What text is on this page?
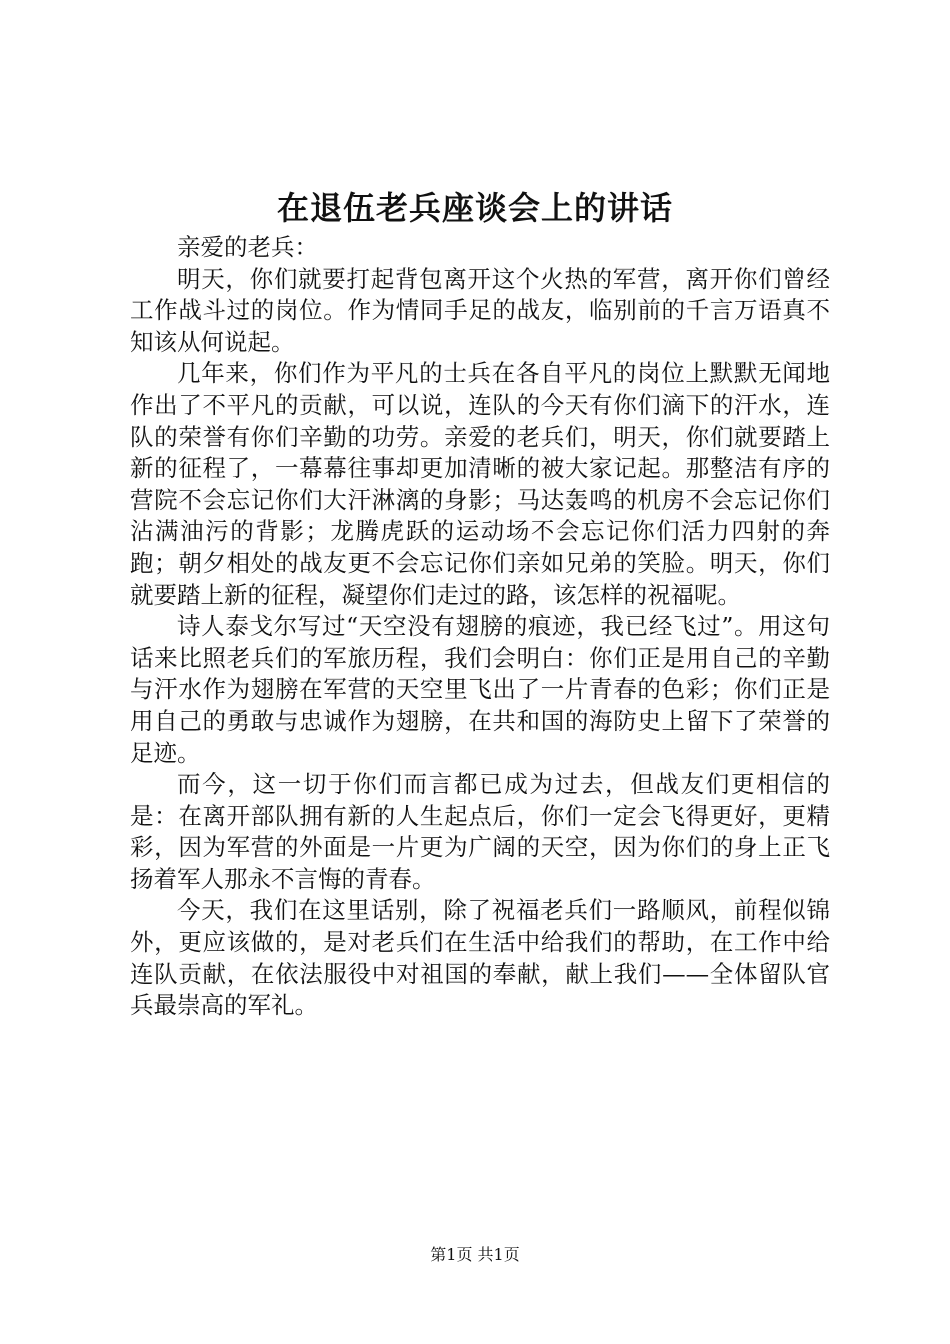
在退伍老兵座谈会上的讲话

亲爱的老兵：

明天，你们就要打起背包离开这个火热的军营，离开你们曾经工作战斗过的岗位。作为情同手足的战友，临别前的千言万语真不知该从何说起。

几年来，你们作为平凡的士兵在各自平凡的岗位上默默无闻地作出了不平凡的贡献，可以说，连队的今天有你们滴下的汗水，连队的荣誉有你们辛勤的功劳。亲爱的老兵们，明天，你们就要踏上新的征程了，一幕幕往事却更加清晰的被大家记起。那整洁有序的营院不会忘记你们大汗淋漓的身影；马达轰鸣的机房不会忘记你们沾满油污的背影；龙腾虎跃的运动场不会忘记你们活力四射的奔跑；朝夕相处的战友更不会忘记你们亲如兄弟的笑脸。明天，你们就要踏上新的征程，凝望你们走过的路，该怎样的祝福呢。

诗人泰戈尔写过“天空没有翅膀的痕迹，我已经飞过”。用这句话来比照老兵们的军旅历程，我们会明白：你们正是用自己的辛勤与汗水作为翅膀在军营的天空里飞出了一片青春的色彩；你们正是用自己的勇敢与忠诚作为翅膀，在共和国的海防史上留下了荣誉的足迹。

而今，这一切于你们而言都已成为过去，但战友们更相信的是：在离开部队拥有新的人生起点后，你们一定会飞得更好，更精彩，因为军营的外面是一片更为广阔的天空，因为你们的身上正飞扬着军人那永不言悔的青春。

今天，我们在这里话别，除了祝福老兵们一路顺风，前程似锦外，更应该做的，是对老兵们在生活中给我们的帮助，在工作中给连队贡献，在依法服役中对祖国的奉献，献上我们——全体留队官兵最崇高的军礼。

第1页 共1页
